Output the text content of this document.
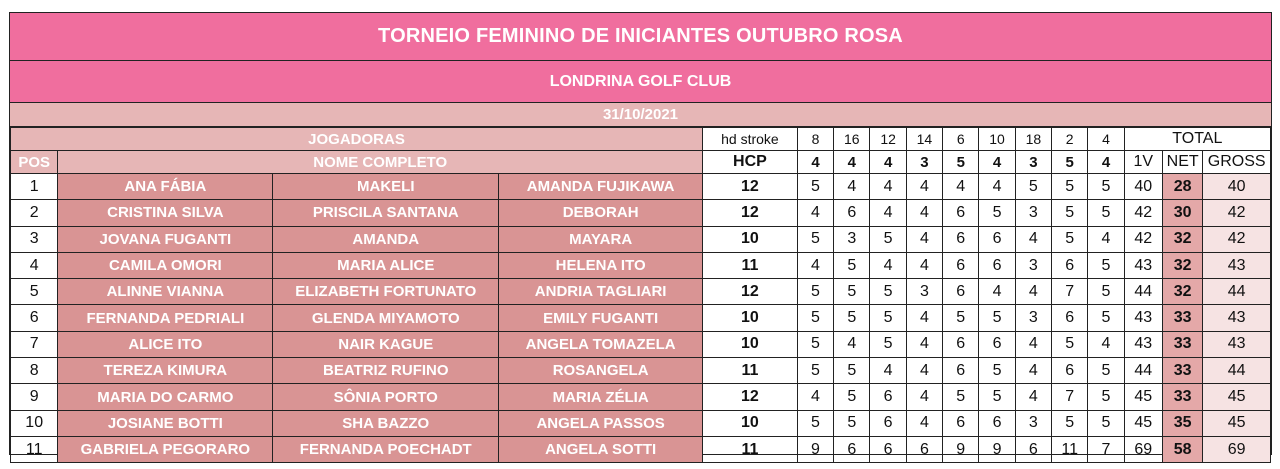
TORNEIO FEMININO DE INICIANTES OUTUBRO ROSA
LONDRINA GOLF CLUB
31/10/2021
JOGADORAS				hd stroke	8	16	12	14	6	10	18	2	4	TOTAL		
POS	NOME COMPLETO			HCP	4	4	4	3	5	4	3	5	4	1V	NET	GROSS
1	ANA FÁBIA	MAKELI	AMANDA FUJIKAWA	12	5	4	4	4	4	4	5	5	5	40	28	40
2	CRISTINA SILVA	PRISCILA SANTANA	DEBORAH	12	4	6	4	4	6	5	3	5	5	42	30	42
3	JOVANA FUGANTI	AMANDA	MAYARA	10	5	3	5	4	6	6	4	5	4	42	32	42
4	CAMILA OMORI	MARIA ALICE	HELENA ITO	11	4	5	4	4	6	6	3	6	5	43	32	43
5	ALINNE VIANNA	ELIZABETH FORTUNATO	ANDRIA TAGLIARI	12	5	5	5	3	6	4	4	7	5	44	32	44
6	FERNANDA PEDRIALI	GLENDA MIYAMOTO	EMILY FUGANTI	10	5	5	5	4	5	5	3	6	5	43	33	43
7	ALICE ITO	NAIR KAGUE	ANGELA TOMAZELA	10	5	4	5	4	6	6	4	5	4	43	33	43
8	TEREZA KIMURA	BEATRIZ RUFINO	ROSANGELA	11	5	5	4	4	6	5	4	6	5	44	33	44
9	MARIA DO CARMO	SÔNIA PORTO	MARIA ZÉLIA	12	4	5	6	4	5	5	4	7	5	45	33	45
10	JOSIANE BOTTI	SHA BAZZO	ANGELA PASSOS	10	5	5	6	4	6	6	3	5	5	45	35	45
11	GABRIELA PEGORARO	FERNANDA POECHADT	ANGELA SOTTI	11	9	6	6	6	9	9	6	11	7	69	58	69
